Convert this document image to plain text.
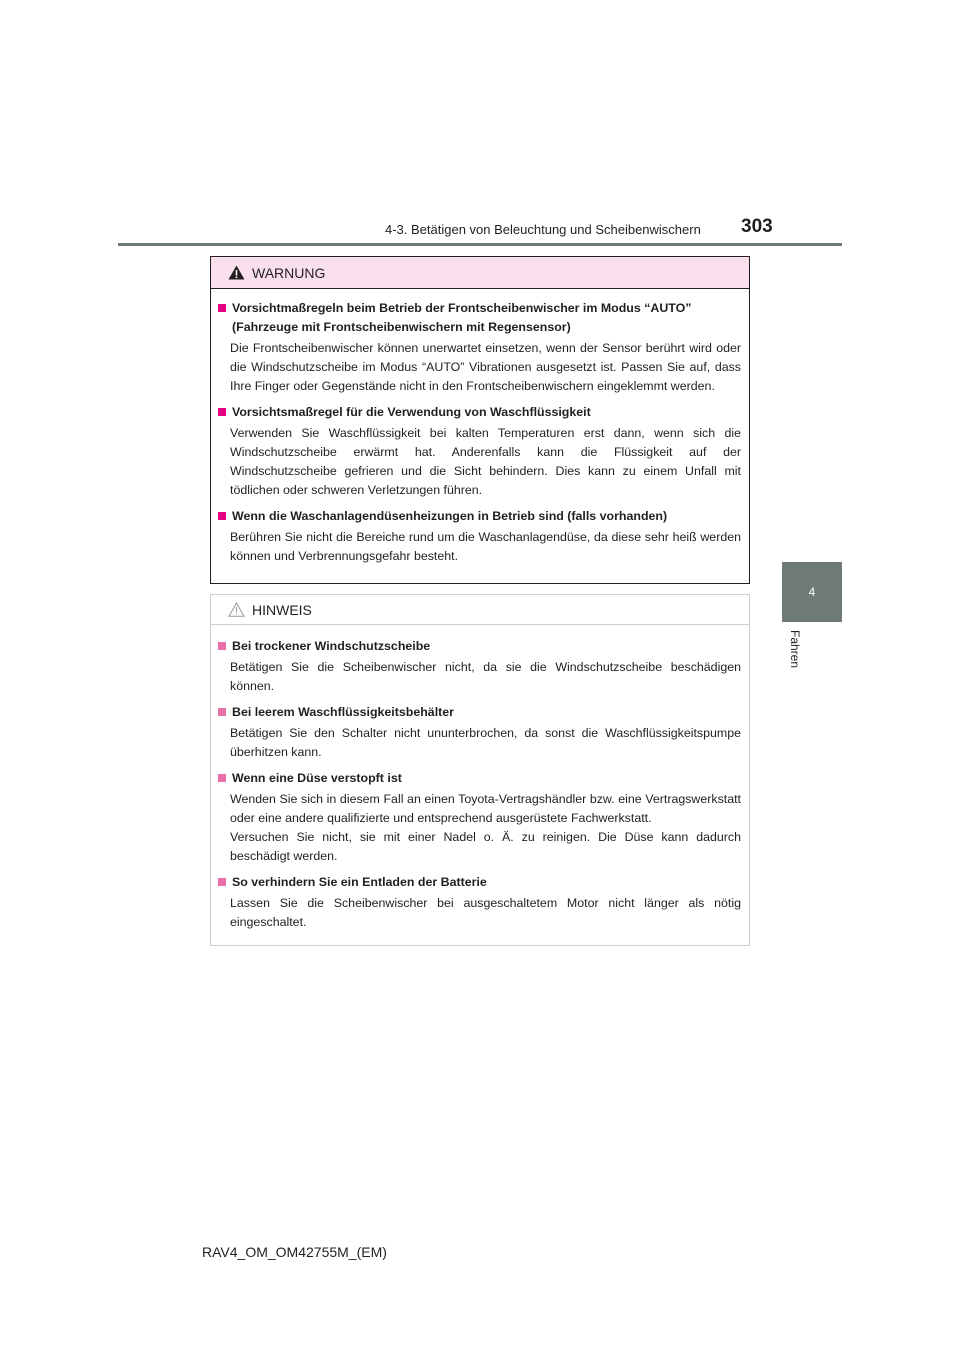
4-3. Betätigen von Beleuchtung und Scheibenwischern 303
4
Fahren
WARNUNG
Vorsichtmaßregeln beim Betrieb der Frontscheibenwischer im Modus “AUTO” (Fahrzeuge mit Frontscheibenwischern mit Regensensor)
Die Frontscheibenwischer können unerwartet einsetzen, wenn der Sensor berührt wird oder die Windschutzscheibe im Modus “AUTO” Vibrationen ausgesetzt ist. Passen Sie auf, dass Ihre Finger oder Gegenstände nicht in den Frontscheibenwischern eingeklemmt werden.
Vorsichtsmaßregel für die Verwendung von Waschflüssigkeit
Verwenden Sie Waschflüssigkeit bei kalten Temperaturen erst dann, wenn sich die Windschutzscheibe erwärmt hat. Anderenfalls kann die Flüssigkeit auf der Windschutzscheibe gefrieren und die Sicht behindern. Dies kann zu einem Unfall mit tödlichen oder schweren Verletzungen führen.
Wenn die Waschanlagendüsenheizungen in Betrieb sind (falls vorhanden)
Berühren Sie nicht die Bereiche rund um die Waschanlagendüse, da diese sehr heiß werden können und Verbrennungsgefahr besteht.
HINWEIS
Bei trockener Windschutzscheibe
Betätigen Sie die Scheibenwischer nicht, da sie die Windschutzscheibe beschädigen können.
Bei leerem Waschflüssigkeitsbehälter
Betätigen Sie den Schalter nicht ununterbrochen, da sonst die Waschflüssigkeitspumpe überhitzen kann.
Wenn eine Düse verstopft ist
Wenden Sie sich in diesem Fall an einen Toyota-Vertragshändler bzw. eine Vertragswerkstatt oder eine andere qualifizierte und entsprechend ausgerüstete Fachwerkstatt.
Versuchen Sie nicht, sie mit einer Nadel o. Ä. zu reinigen. Die Düse kann dadurch beschädigt werden.
So verhindern Sie ein Entladen der Batterie
Lassen Sie die Scheibenwischer bei ausgeschaltetem Motor nicht länger als nötig eingeschaltet.
RAV4_OM_OM42755M_(EM)
